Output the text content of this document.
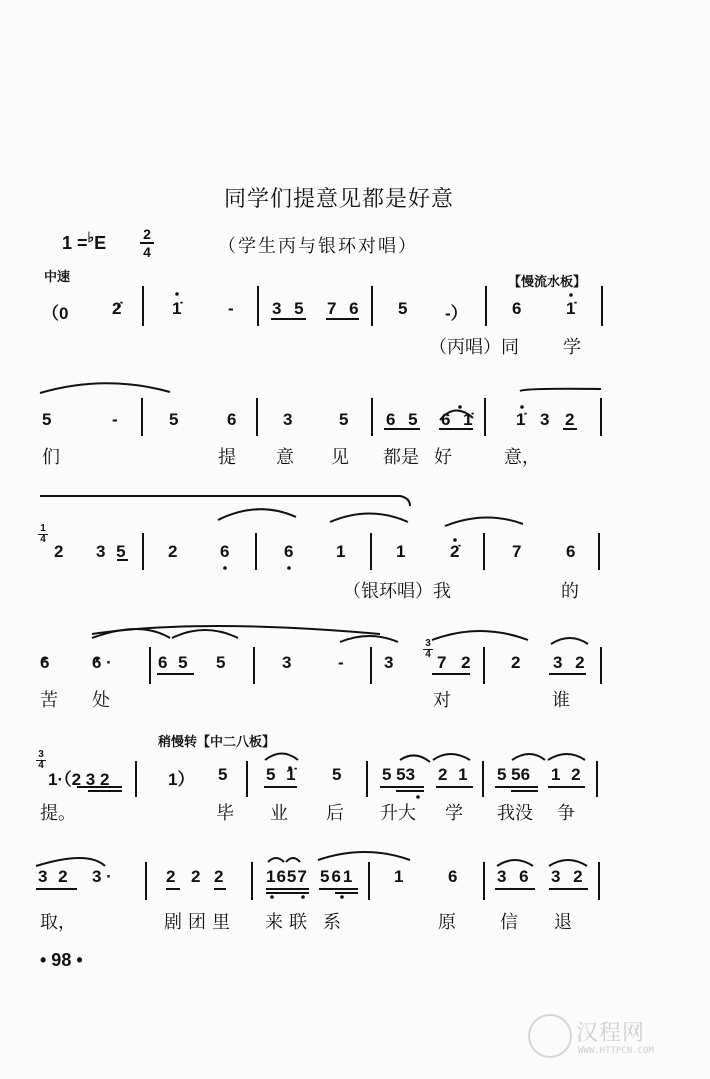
同学们提意见都是好意
1 =♭E	2
4	（学生丙与银环对唱）
中速	【慢流水板】
（0	2̇	1̇	- 3 5 7 6 5 -）	6	1̇
（丙唱）同 学
5	-	5	6	3	5 6 5 6 1̇	1̇ 3 2
们	提 意 见 都是 好	意，
1
4
2 3 5 2	6	6	1	1	2̇	7	6
（银环唱）我	的
3
4
6	6 ·	6 5 5	3	- 3	7 2 2 3 2
苦 处	对	谁
稍慢转【中二八板】
3
4
1·（2 3 2	1） 5 5 1̇ 5 5 53 2 1 5 56 1 2
提。	毕 业 后 升大 学 我没 争
3 2 3 ·	2 2 2	1657 561 1	6 3 6 3 2
取，	剧团里 来联 系	原 信 退
• 98 •
汉程网
WWW.HTTPCN.COM
